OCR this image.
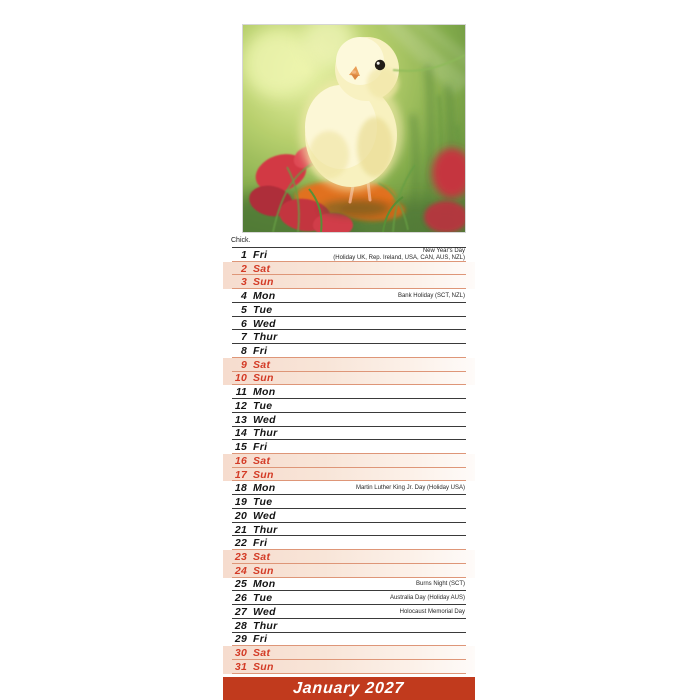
Chick.
1 Fri	New Year's Day
(Holiday UK, Rep. Ireland, USA, CAN, AUS, NZL)
2 Sat
3 Sun
4 Mon	Bank Holiday (SCT, NZL)
5 Tue
6 Wed
7 Thur
8 Fri
9 Sat
10 Sun
11 Mon
12 Tue
13 Wed
14 Thur
15 Fri
16 Sat
17 Sun
18 Mon	Martin Luther King Jr. Day (Holiday USA)
19 Tue
20 Wed
21 Thur
22 Fri
23 Sat
24 Sun
25 Mon	Burns Night (SCT)
26 Tue	Australia Day (Holiday AUS)
27 Wed	Holocaust Memorial Day
28 Thur
29 Fri
30 Sat
31 Sun
January 2027
